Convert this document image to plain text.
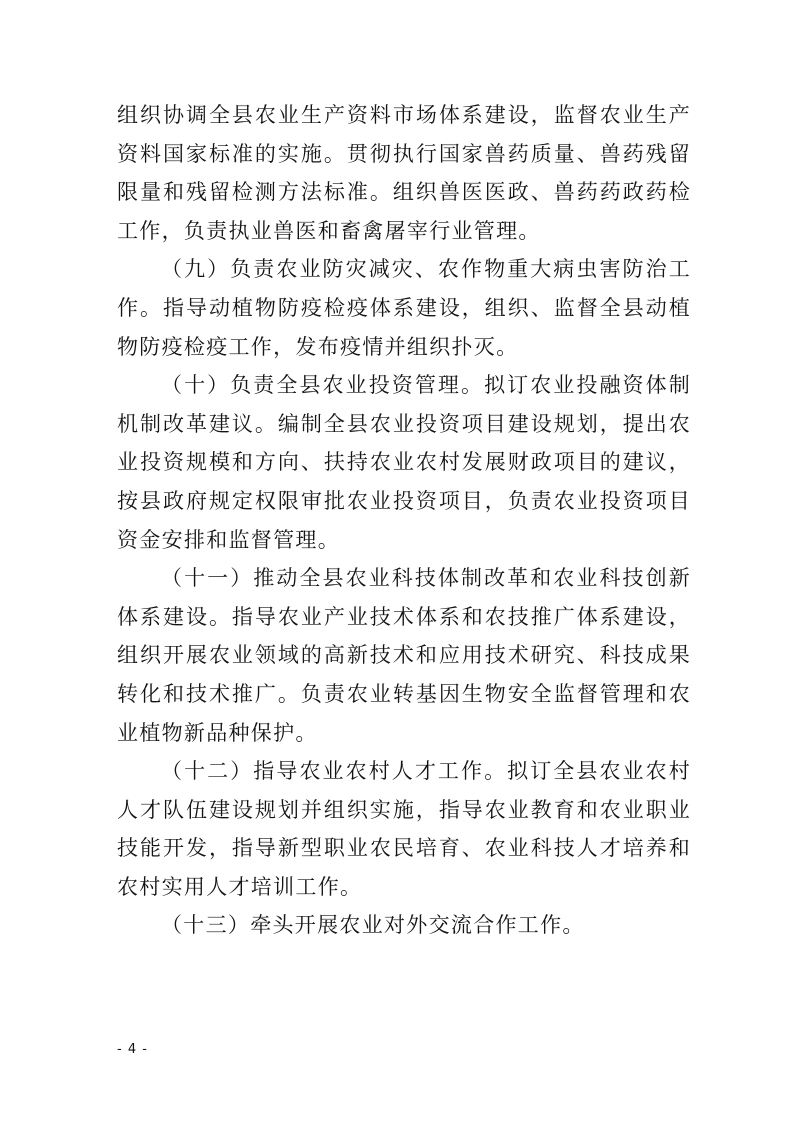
组织协调全县农业生产资料市场体系建设，监督农业生产资料国家标准的实施。贯彻执行国家兽药质量、兽药残留限量和残留检测方法标准。组织兽医医政、兽药药政药检工作，负责执业兽医和畜禽屠宰行业管理。

（九）负责农业防灾减灾、农作物重大病虫害防治工作。指导动植物防疫检疫体系建设，组织、监督全县动植物防疫检疫工作，发布疫情并组织扑灭。

（十）负责全县农业投资管理。拟订农业投融资体制机制改革建议。编制全县农业投资项目建设规划，提出农业投资规模和方向、扶持农业农村发展财政项目的建议，按县政府规定权限审批农业投资项目，负责农业投资项目资金安排和监督管理。

（十一）推动全县农业科技体制改革和农业科技创新体系建设。指导农业产业技术体系和农技推广体系建设，组织开展农业领域的高新技术和应用技术研究、科技成果转化和技术推广。负责农业转基因生物安全监督管理和农业植物新品种保护。

（十二）指导农业农村人才工作。拟订全县农业农村人才队伍建设规划并组织实施，指导农业教育和农业职业技能开发，指导新型职业农民培育、农业科技人才培养和农村实用人才培训工作。

（十三）牵头开展农业对外交流合作工作。

- 4 -
